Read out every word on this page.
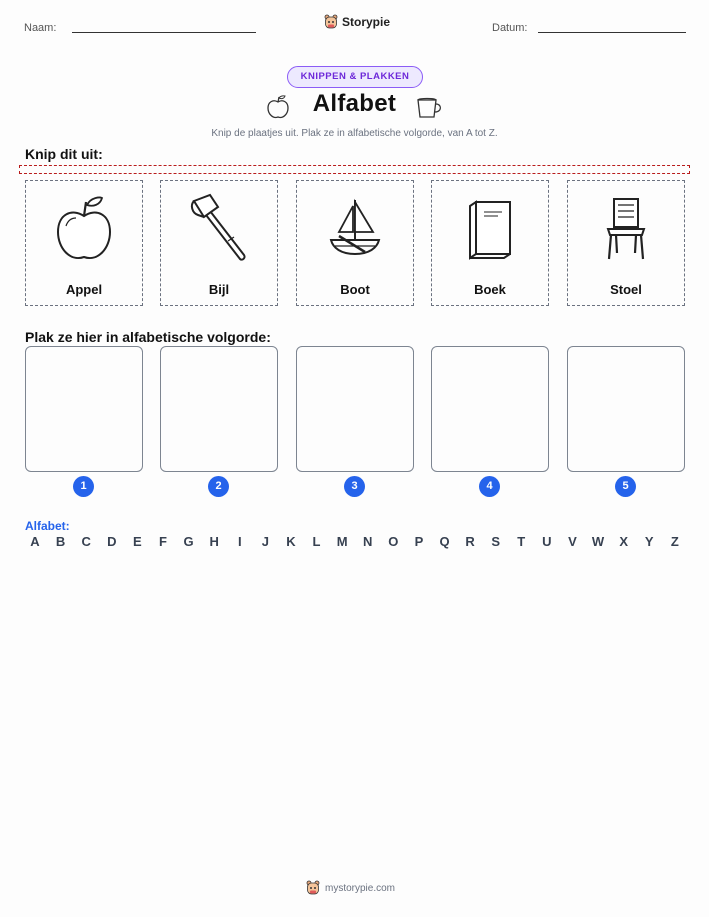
Naam:	Datum:
Storypie
KNIPPEN & PLAKKEN
Alfabet
Knip de plaatjes uit. Plak ze in alfabetische volgorde, van A tot Z.
Knip dit uit:
Appel	Bijl	Boot	Boek	Stoel
Plak ze hier in alfabetische volgorde:
1	2	3	4	5
Alfabet:
A	B	C	D	E	F	G	H	I	J	K	L	M	N	O	P	Q	R	S	T	U	V	W	X	Y	Z
mystorypie.com
